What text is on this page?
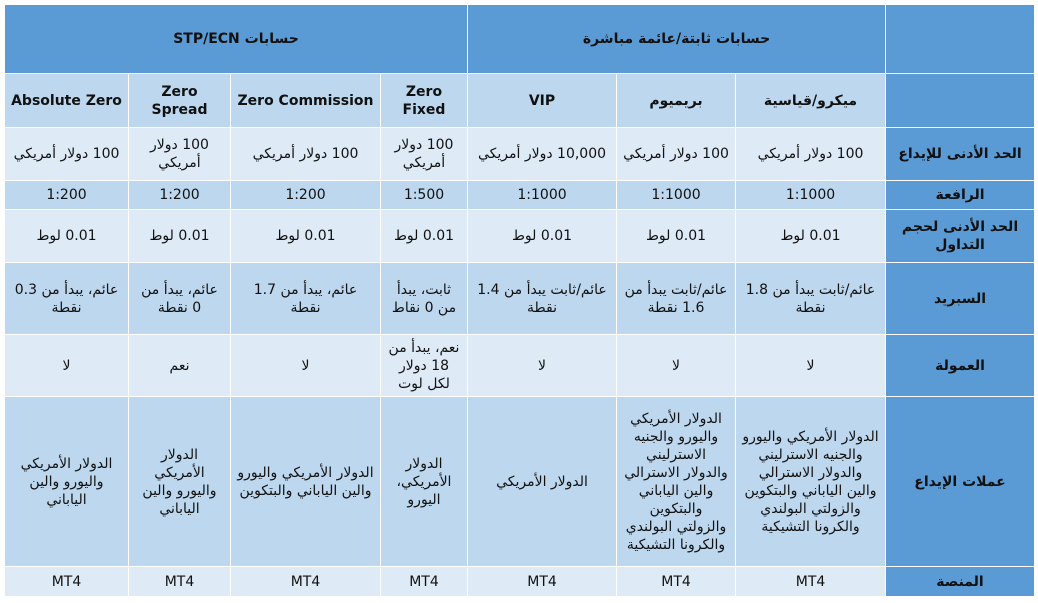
	حسابات ثابتة/عائمة مباشرة			حسابات STP/ECN			
	ميكرو/قياسية	بريميوم	VIP	Zero Fixed	Zero Commission	Zero Spread	Absolute Zero
الحد الأدنى للإيداع	100 دولار أمريكي	100 دولار أمريكي	10,000 دولار أمريكي	100 دولار أمريكي	100 دولار أمريكي	100 دولار أمريكي	100 دولار أمريكي
الرافعة	1:1000	1:1000	1:1000	1:500	1:200	1:200	1:200
الحد الأدنى لحجم التداول	0.01 لوط	0.01 لوط	0.01 لوط	0.01 لوط	0.01 لوط	0.01 لوط	0.01 لوط
السبريد	عائم/ثابت يبدأ من 1.8 نقطة	عائم/ثابت يبدأ من 1.6 نقطة	عائم/ثابت يبدأ من 1.4 نقطة	ثابت، يبدأ من 0 نقاط	عائم، يبدأ من 1.7 نقطة	عائم، يبدأ من 0 نقطة	عائم، يبدأ من 0.3 نقطة
العمولة	لا	لا	لا	نعم، يبدأ من 18 دولار لكل لوت	لا	نعم	لا
عملات الإيداع	الدولار الأمريكي واليورو والجنيه الاسترليني والدولار الاسترالي والين الياباني والبتكوين والزولتي البولندي والكرونا التشيكية	الدولار الأمريكي واليورو والجنيه الاسترليني والدولار الاسترالي والين الياباني والبتكوين والزولتي البولندي والكرونا التشيكية	الدولار الأمريكي	الدولار الأمريكي، اليورو	الدولار الأمريكي واليورو والين الياباني والبتكوين	الدولار الأمريكي واليورو والين الياباني	الدولار الأمريكي واليورو والين الياباني
المنصة	MT4	MT4	MT4	MT4	MT4	MT4	MT4
